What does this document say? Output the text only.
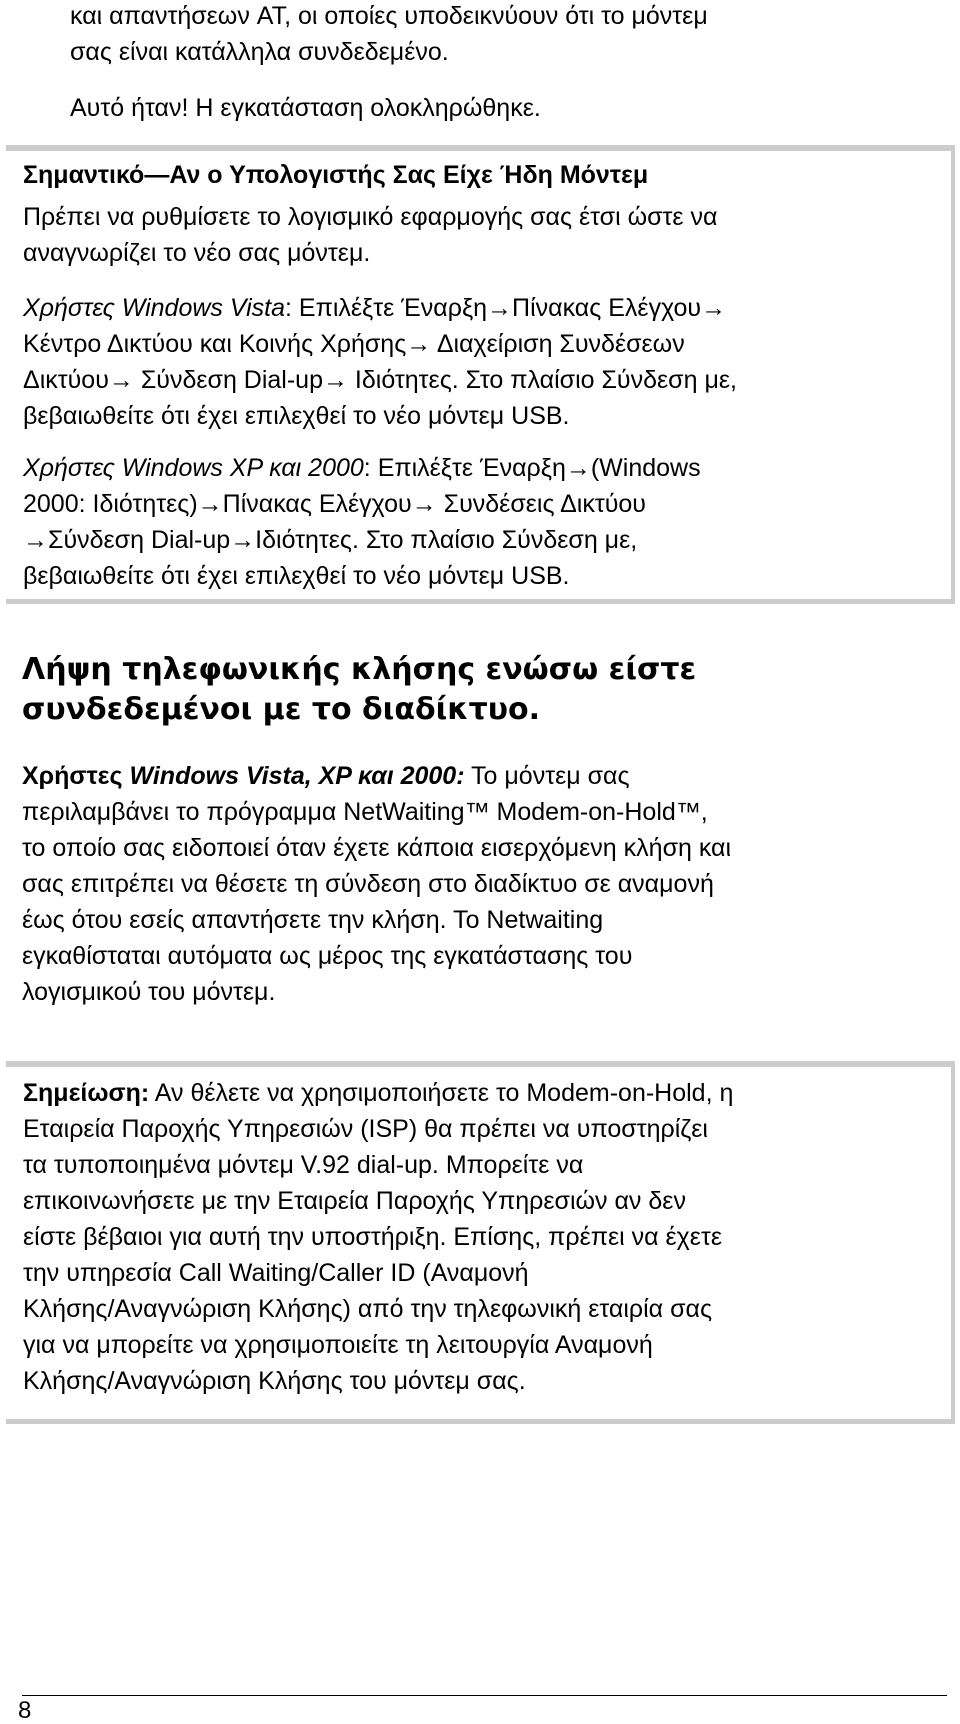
και απαντήσεων AT, οι οποίες υποδεικνύουν ότι το μόντεμ
σας είναι κατάλληλα συνδεδεμένο.

Αυτό ήταν! Η εγκατάσταση ολοκληρώθηκε.

Σημαντικό—Αν ο Υπολογιστής Σας Είχε Ήδη Μόντεμ

Πρέπει να ρυθμίσετε το λογισμικό εφαρμογής σας έτσι ώστε να
αναγνωρίζει το νέο σας μόντεμ.

Χρήστες Windows Vista: Επιλέξτε Έναρξη→Πίνακας Ελέγχου→
Κέντρο Δικτύου και Κοινής Χρήσης→ Διαχείριση Συνδέσεων
Δικτύου→ Σύνδεση Dial-up→ Ιδιότητες. Στο πλαίσιο Σύνδεση με,
βεβαιωθείτε ότι έχει επιλεχθεί το νέο μόντεμ USB.

Χρήστες Windows XP και 2000: Επιλέξτε Έναρξη→(Windows
2000: Ιδιότητες)→Πίνακας Ελέγχου→ Συνδέσεις Δικτύου
→Σύνδεση Dial-up→Ιδιότητες. Στο πλαίσιο Σύνδεση με,
βεβαιωθείτε ότι έχει επιλεχθεί το νέο μόντεμ USB.

Λήψη τηλεφωνικής κλήσης ενώσω είστε
συνδεδεμένοι με το διαδίκτυο.

Χρήστες Windows Vista, XP και 2000: Το μόντεμ σας
περιλαμβάνει το πρόγραμμα NetWaiting™ Modem-on-Hold™,
το οποίο σας ειδοποιεί όταν έχετε κάποια εισερχόμενη κλήση και
σας επιτρέπει να θέσετε τη σύνδεση στο διαδίκτυο σε αναμονή
έως ότου εσείς απαντήσετε την κλήση. Το Netwaiting
εγκαθίσταται αυτόματα ως μέρος της εγκατάστασης του
λογισμικού του μόντεμ.

Σημείωση: Αν θέλετε να χρησιμοποιήσετε το Modem-on-Hold, η
Εταιρεία Παροχής Υπηρεσιών (ISP) θα πρέπει να υποστηρίζει
τα τυποποιημένα μόντεμ V.92 dial-up. Μπορείτε να
επικοινωνήσετε με την Εταιρεία Παροχής Υπηρεσιών αν δεν
είστε βέβαιοι για αυτή την υποστήριξη. Επίσης, πρέπει να έχετε
την υπηρεσία Call Waiting/Caller ID (Αναμονή
Κλήσης/Αναγνώριση Κλήσης) από την τηλεφωνική εταιρία σας
για να μπορείτε να χρησιμοποιείτε τη λειτουργία Αναμονή
Κλήσης/Αναγνώριση Κλήσης του μόντεμ σας.

8
